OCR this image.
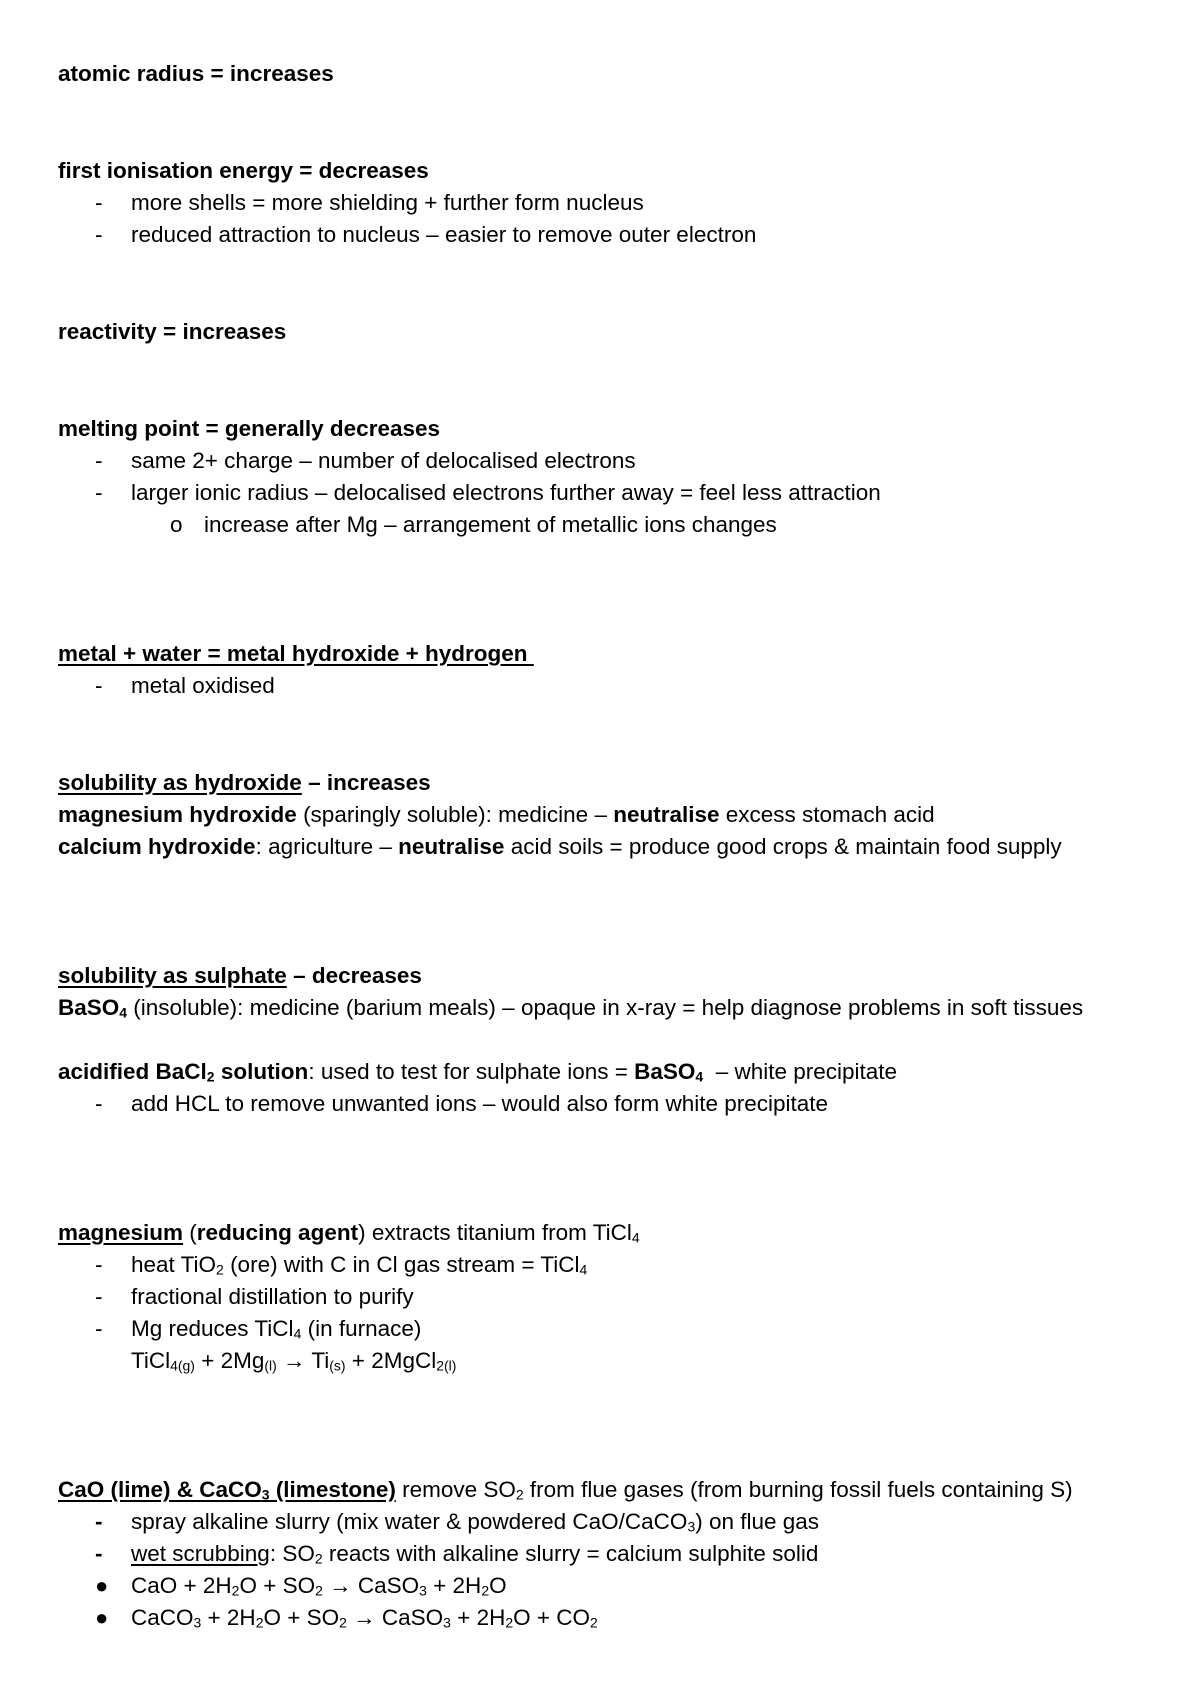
atomic radius = increases
first ionisation energy = decreases
-	more shells = more shielding + further form nucleus
-	reduced attraction to nucleus – easier to remove outer electron
reactivity = increases
melting point = generally decreases
-	same 2+ charge – number of delocalised electrons
-	larger ionic radius – delocalised electrons further away = feel less attraction
o increase after Mg – arrangement of metallic ions changes
metal + water = metal hydroxide + hydrogen
-	metal oxidised
solubility as hydroxide – increases
magnesium hydroxide (sparingly soluble): medicine – neutralise excess stomach acid
calcium hydroxide: agriculture – neutralise acid soils = produce good crops & maintain food supply
solubility as sulphate – decreases
BaSO$_4$ (insoluble): medicine (barium meals) – opaque in x-ray = help diagnose problems in soft tissues
acidified BaCl$_2$ solution: used to test for sulphate ions = BaSO$_4$  – white precipitate
-	add HCL to remove unwanted ions – would also form white precipitate
magnesium (reducing agent) extracts titanium from TiCl$_4$
-	heat TiO$_2$ (ore) with C in Cl gas stream = TiCl$_4$
-	fractional distillation to purify
-	Mg reduces TiCl$_4$ (in furnace)
TiCl$_{4(g)}$ + $2Mg_{(l)} \to Ti_{(s)}$ + 2MgCl$_{2(l)}$
CaO (lime) & CaCO$_3$ (limestone) remove $SO_2$ from flue gases (from burning fossil fuels containing S)
-	spray alkaline slurry (mix water & powdered CaO/CaCO$_3$) on flue gas
-	wet scrubbing: $SO_2$ reacts with alkaline slurry = calcium sulphite solid
● CaO + $2H_2O + SO_2$ → CaSO$_3$ + $2H_2O$
● CaCO$_3$ + $2H_2O + SO_2$ → CaSO$_3$ + $2H_2O + CO_2$
